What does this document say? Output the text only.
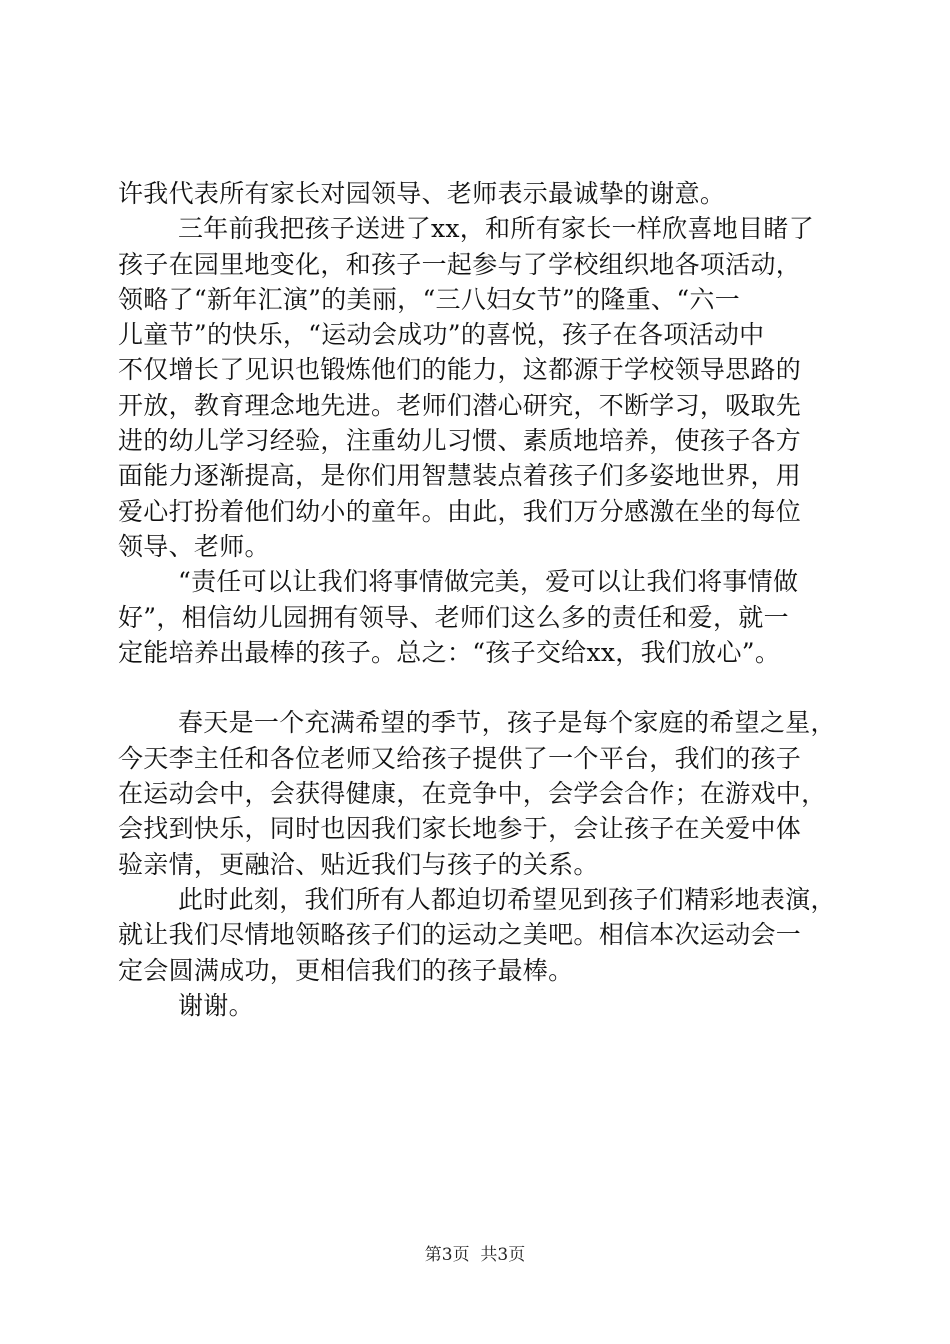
许我代表所有家长对园领导、老师表示最诚挚的谢意。
三年前我把孩子送进了xx，和所有家长一样欣喜地目睹了
孩子在园里地变化，和孩子一起参与了学校组织地各项活动，
领略了“新年汇演”的美丽，“三八妇女节”的隆重、“六一
儿童节”的快乐，“运动会成功”的喜悦，孩子在各项活动中
不仅增长了见识也锻炼他们的能力，这都源于学校领导思路的
开放，教育理念地先进。老师们潜心研究，不断学习，吸取先
进的幼儿学习经验，注重幼儿习惯、素质地培养，使孩子各方
面能力逐渐提高，是你们用智慧装点着孩子们多姿地世界，用
爱心打扮着他们幼小的童年。由此，我们万分感激在坐的每位
领导、老师。
“责任可以让我们将事情做完美，爱可以让我们将事情做
好”，相信幼儿园拥有领导、老师们这么多的责任和爱，就一
定能培养出最棒的孩子。总之：“孩子交给xx，我们放心”。
春天是一个充满希望的季节，孩子是每个家庭的希望之星，
今天李主任和各位老师又给孩子提供了一个平台，我们的孩子
在运动会中，会获得健康，在竞争中，会学会合作；在游戏中，
会找到快乐，同时也因我们家长地参于，会让孩子在关爱中体
验亲情，更融洽、贴近我们与孩子的关系。
此时此刻，我们所有人都迫切希望见到孩子们精彩地表演，
就让我们尽情地领略孩子们的运动之美吧。相信本次运动会一
定会圆满成功，更相信我们的孩子最棒。
谢谢。
第3页  共3页
